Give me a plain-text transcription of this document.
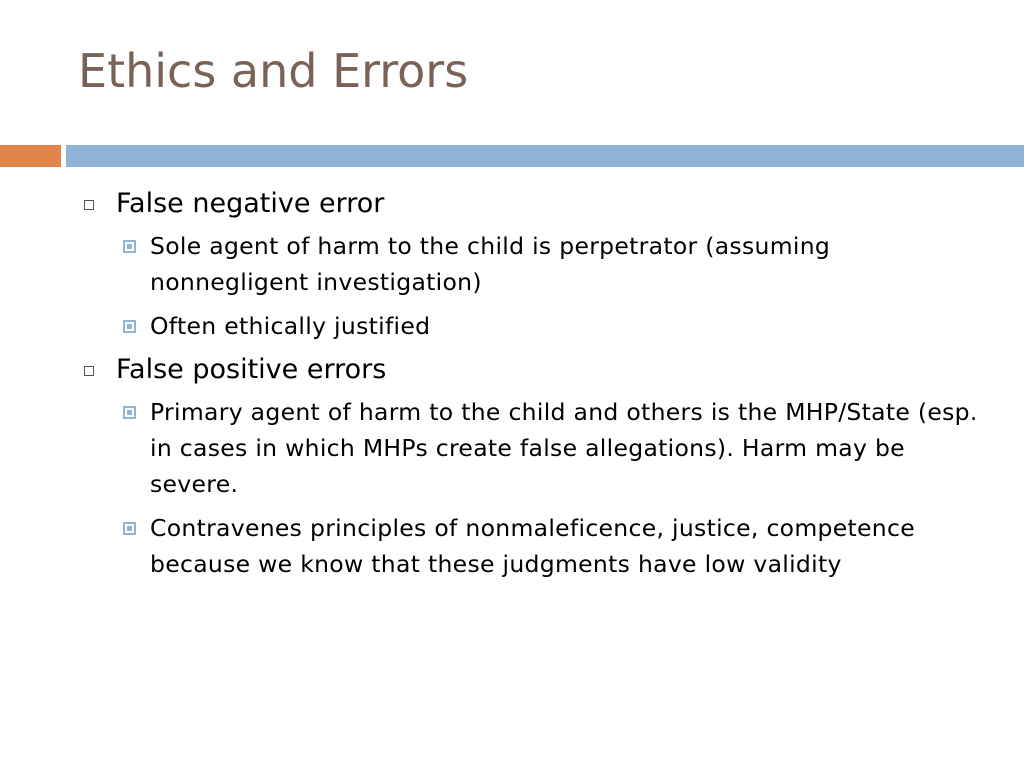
Ethics and Errors
False negative error
Sole agent of harm to the child is perpetrator (assuming nonnegligent investigation)
Often ethically justified
False positive errors
Primary agent of harm to the child and others is the MHP/State (esp. in cases in which MHPs create false allegations). Harm may be severe.
Contravenes principles of nonmaleficence, justice, competence because we know that these judgments have low validity
